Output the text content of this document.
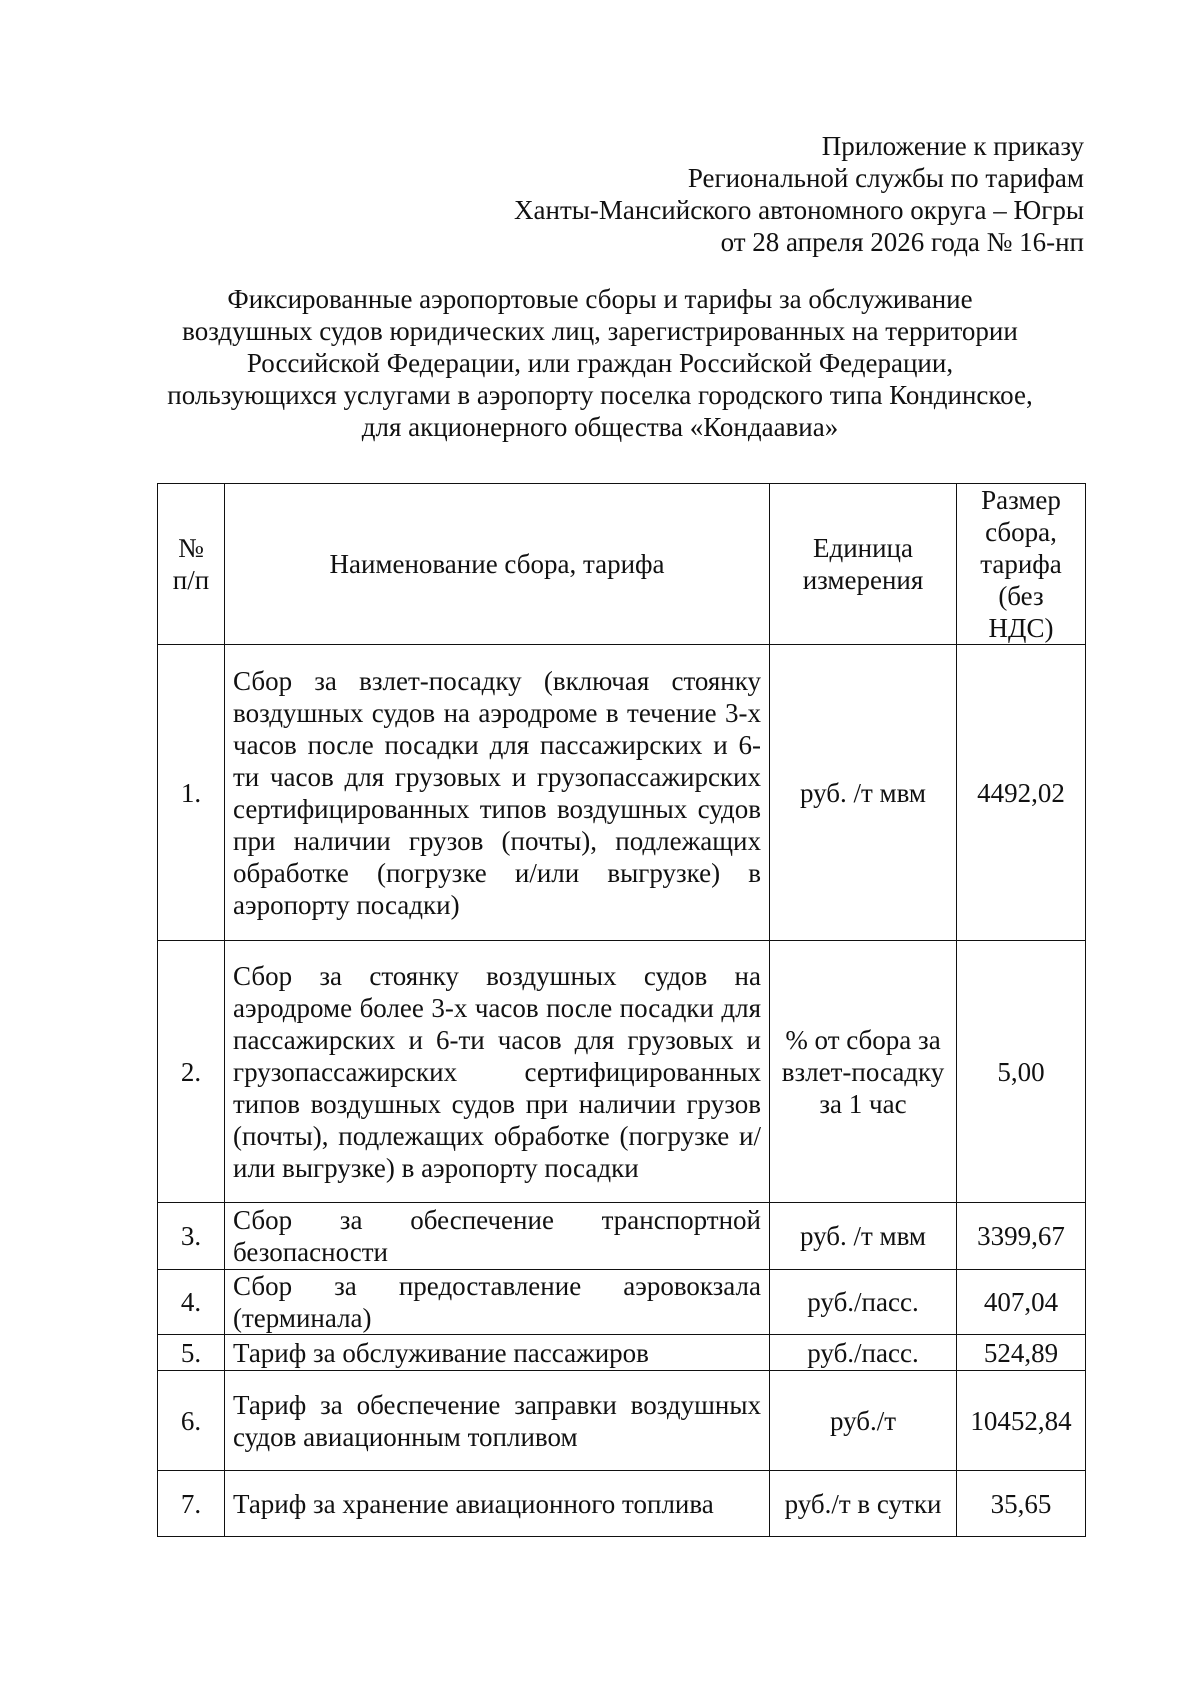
Приложение к приказу
Региональной службы по тарифам
Ханты-Мансийского автономного округа – Югры
от 28 апреля 2026 года № 16-нп
Фиксированные аэропортовые сборы и тарифы за обслуживание
воздушных судов юридических лиц, зарегистрированных на территории
Российской Федерации, или граждан Российской Федерации,
пользующихся услугами в аэропорту поселка городского типа Кондинское,
для акционерного общества «Кондаавиа»
№ п/п	Наименование сбора, тарифа	Единица измерения	Размер сбора, тарифа (без НДС)
1.	Сбор за взлет-посадку (включая стоянку воздушных судов на аэродроме в течение 3-х часов после посадки для пассажирских и 6-ти часов для грузовых и грузопассажирских сертифицированных типов воздушных судов при наличии грузов (почты), подлежащих обработке (погрузке и/или выгрузке) в аэропорту посадки)	руб. /т мвм	4492,02
2.	Сбор за стоянку воздушных судов на аэродроме более 3-х часов после посадки для пассажирских и 6-ти часов для грузовых и грузопассажирских сертифицированных типов воздушных судов при наличии грузов (почты), подлежащих обработке (погрузке и/или выгрузке) в аэропорту посадки	% от сбора за взлет-посадку за 1 час	5,00
3.	Сбор за обеспечение транспортной безопасности	руб. /т мвм	3399,67
4.	Сбор за предоставление аэровокзала (терминала)	руб./пасс.	407,04
5.	Тариф за обслуживание пассажиров	руб./пасс.	524,89
6.	Тариф за обеспечение заправки воздушных судов авиационным топливом	руб./т	10452,84
7.	Тариф за хранение авиационного топлива	руб./т в сутки	35,65
